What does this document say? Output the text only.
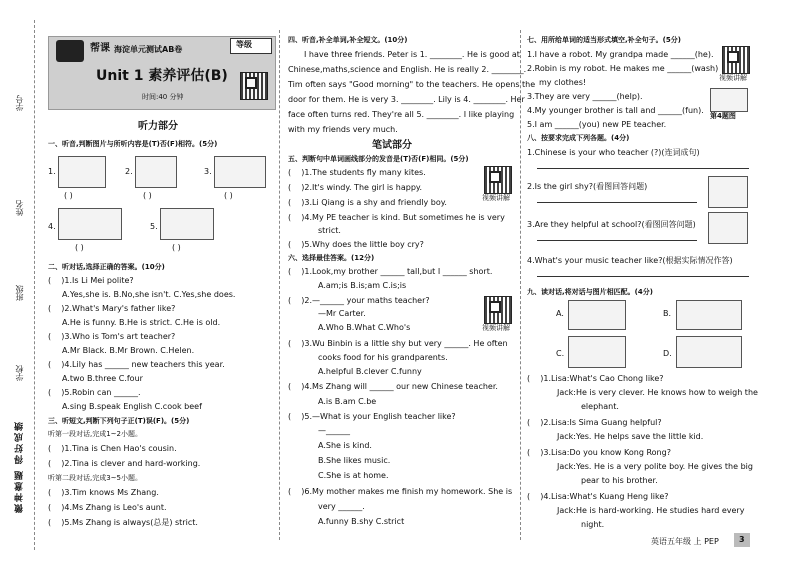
学号
姓名
班级
学校
微神意题 得好成绩
帮课 海淀单元测试AB卷
等级
Unit 1 素养评估(B)
时间:40 分钟
听力部分
一、听音,判断图片与所听内容是(T)否(F)相符。(5分)
1.	2.	3.
( )	( )	( )
4.	5.
( )	( )
二、听对话,选择正确的答案。(10分)
(    )1.Is Li Mei polite?
A.Yes,she is. B.No,she isn't. C.Yes,she does.
(    )2.What's Mary's father like?
A.He is funny. B.He is strict. C.He is old.
(    )3.Who is Tom's art teacher?
A.Mr Black. B.Mr Brown. C.Helen.
(    )4.Lily has ______ new teachers this year.
A.two B.three C.four
(    )5.Robin can ______.
A.sing B.speak English C.cook beef
三、听短文,判断下列句子正(T)误(F)。(5分)
听第一段对话,完成1~2小题。
(    )1.Tina is Chen Hao's cousin.
(    )2.Tina is clever and hard-working.
听第二段对话,完成3~5小题。
(    )3.Tim knows Ms Zhang.
(    )4.Ms Zhang is Leo's aunt.
(    )5.Ms Zhang is always(总是) strict.
四、听音,补全单词,补全短文。(10分)
I have three friends. Peter is 1. ________. He is good at
Chinese,maths,science and English. He is really 2. ________.
Tim often says "Good morning" to the teachers. He opens the
door for them. He is very 3. ________. Lily is 4. ________. Her
face often turns red. They're all 5. ________. I like playing
with my friends very much.
笔试部分
五、判断句中单词画线部分的发音是(T)否(F)相同。(5分)
(    )1.The students fly many kites.
(    )2.It's windy. The girl is happy.
(    )3.Li Qiang is a shy and friendly boy.
(    )4.My PE teacher is kind. But sometimes he is very
strict.
(    )5.Why does the little boy cry?
视频讲解
六、选择最佳答案。(12分)
(    )1.Look,my brother ______ tall,but I ______ short.
A.am;is B.is;am C.is;is
(    )2.—______ your maths teacher?
—Mr Carter.
A.Who B.What C.Who's	视频讲解
(    )3.Wu Binbin is a little shy but very ______. He often
cooks food for his grandparents.
A.helpful B.clever C.funny
(    )4.Ms Zhang will ______ our new Chinese teacher.
A.is B.am C.be
(    )5.—What is your English teacher like?
—______
A.She is kind.
B.She likes music.
C.She is at home.
(    )6.My mother makes me finish my homework. She is
very ______.
A.funny B.shy C.strict
七、用所给单词的适当形式填空,补全句子。(5分)
1.I have a robot. My grandpa made ______(he).
2.Robin is my robot. He makes me ______(wash)
my clothes!
3.They are very ______(help).
4.My younger brother is tall and ______(fun).
5.I am ______(you) new PE teacher.
视频讲解
第4题图
八、按要求完成下列各题。(4分)
1.Chinese is your who teacher (?)(连词成句)
2.Is the girl shy?(看图回答问题)
3.Are they helpful at school?(看图回答问题)
4.What's your music teacher like?(根据实际情况作答)
九、读对话,将对话与图片相匹配。(4分)
A.	B.
C.	D.
(    )1.Lisa:What's Cao Chong like?
Jack:He is very clever. He knows how to weigh the
elephant.
(    )2.Lisa:Is Sima Guang helpful?
Jack:Yes. He helps save the little kid.
(    )3.Lisa:Do you know Kong Rong?
Jack:Yes. He is a very polite boy. He gives the big
pear to his brother.
(    )4.Lisa:What's Kuang Heng like?
Jack:He is hard-working. He studies hard every
night.
英语五年级 上 PEP	3
